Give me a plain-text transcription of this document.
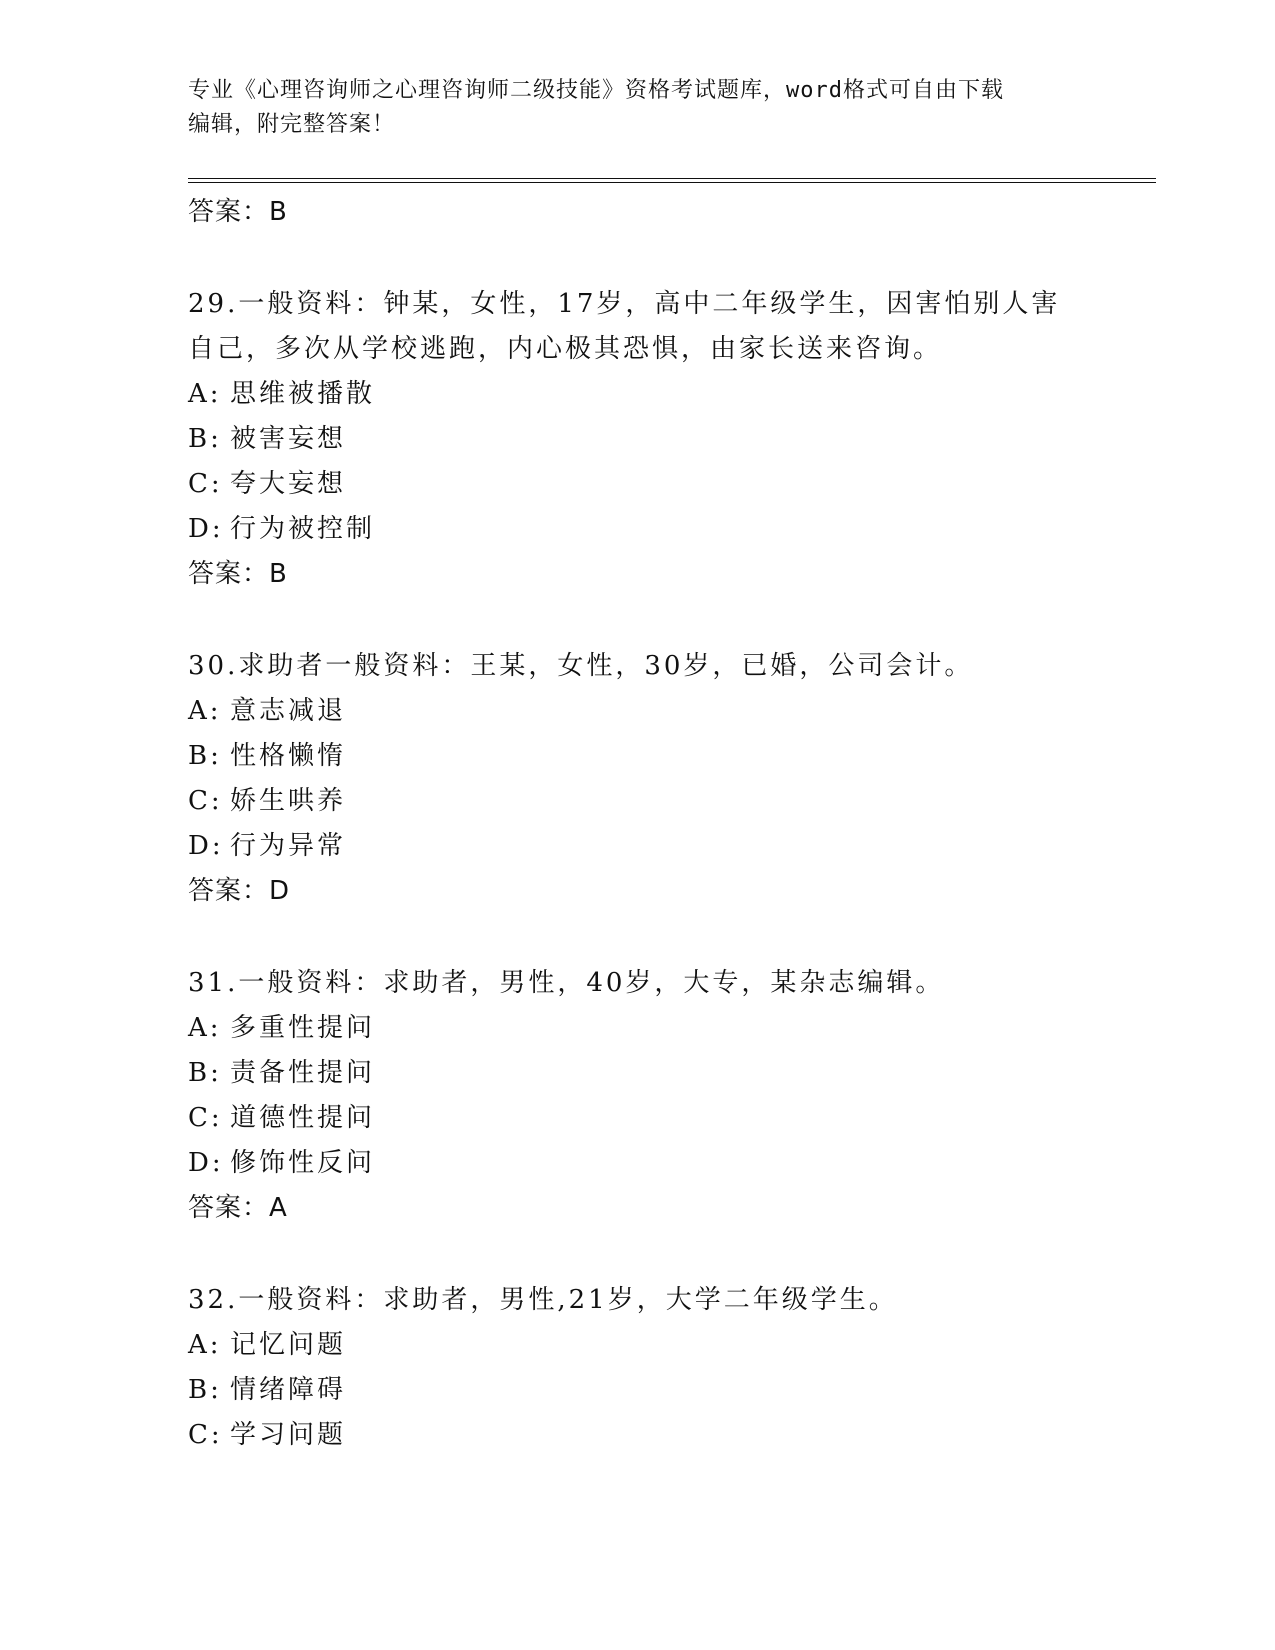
专业《心理咨询师之心理咨询师二级技能》资格考试题库，word格式可自由下载
编辑，附完整答案！
答案：B

29.一般资料：钟某，女性，17岁，高中二年级学生，因害怕别人害自己，多次从学校逃跑，内心极其恐惧，由家长送来咨询。

A: 思维被播散
B: 被害妄想
C: 夸大妄想
D: 行为被控制
答案：B

30.求助者一般资料：王某，女性，30岁，已婚，公司会计。

A: 意志减退
B: 性格懒惰
C: 娇生哄养
D: 行为异常
答案：D

31.一般资料：求助者，男性，40岁，大专，某杂志编辑。

A: 多重性提问
B: 责备性提问
C: 道德性提问
D: 修饰性反问
答案：A

32.一般资料：求助者，男性,21岁，大学二年级学生。

A: 记忆问题
B: 情绪障碍
C: 学习问题
